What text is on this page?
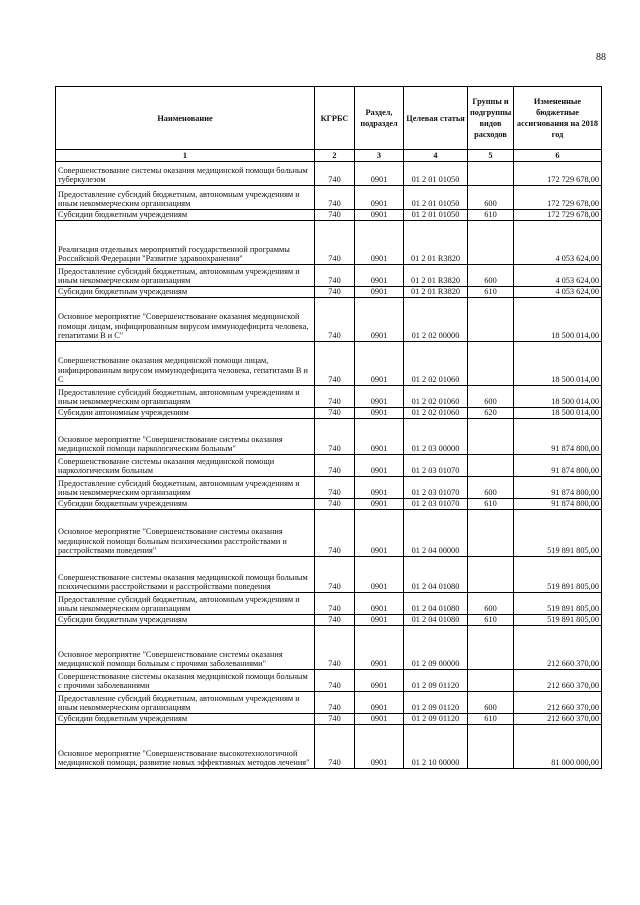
88
Наименование	КГРБС	Раздел, подраздел	Целевая статья	Группы и подгруппы видов расходов	Измененные бюджетные ассигнования на 2018 год
1	2	3	4	5	6
Совершенствование системы оказания медицинской помощи больным туберкулезом	740	0901	01 2 01 01050		172 729 678,00
Предоставление субсидий бюджетным, автономным учреждениям и иным некоммерческим организациям	740	0901	01 2 01 01050	600	172 729 678,00
Субсидии бюджетным учреждениям	740	0901	01 2 01 01050	610	172 729 678,00
Реализация отдельных мероприятий государственной программы Российской Федерации "Развитие здравоохранения"	740	0901	01 2 01 R3820		4 053 624,00
Предоставление субсидий бюджетным, автономным учреждениям и иным некоммерческим организациям	740	0901	01 2 01 R3820	600	4 053 624,00
Субсидии бюджетным учреждениям	740	0901	01 2 01 R3820	610	4 053 624,00
Основное мероприятие "Совершенствование оказания медицинской помощи лицам, инфицированным вирусом иммунодефицита человека, гепатитами В и С"	740	0901	01 2 02 00000		18 500 014,00
Совершенствование оказания медицинской помощи лицам, инфицированным вирусом иммунодефицита человека, гепатитами В и С	740	0901	01 2 02 01060		18 500 014,00
Предоставление субсидий бюджетным, автономным учреждениям и иным некоммерческим организациям	740	0901	01 2 02 01060	600	18 500 014,00
Субсидии автономным учреждениям	740	0901	01 2 02 01060	620	18 500 014,00
Основное мероприятие "Совершенствование системы оказания медицинской помощи наркологическим больным"	740	0901	01 2 03 00000		91 874 800,00
Совершенствование системы оказания медицинской помощи наркологическим больным	740	0901	01 2 03 01070		91 874 800,00
Предоставление субсидий бюджетным, автономным учреждениям и иным некоммерческим организациям	740	0901	01 2 03 01070	600	91 874 800,00
Субсидии бюджетным учреждениям	740	0901	01 2 03 01070	610	91 874 800,00
Основное мероприятие "Совершенствование системы оказания медицинской помощи больным психическими расстройствами и расстройствами поведения"	740	0901	01 2 04 00000		519 891 805,00
Совершенствование системы оказания медицинской помощи больным психическими расстройствами и расстройствами поведения	740	0901	01 2 04 01080		519 891 805,00
Предоставление субсидий бюджетным, автономным учреждениям и иным некоммерческим организациям	740	0901	01 2 04 01080	600	519 891 805,00
Субсидии бюджетным учреждениям	740	0901	01 2 04 01080	610	519 891 805,00
Основное мероприятие "Совершенствование системы оказания медицинской помощи больным с прочими заболеваниями"	740	0901	01 2 09 00000		212 660 370,00
Совершенствование системы оказания медицинской помощи больным с прочими заболеваниями	740	0901	01 2 09 01120		212 660 370,00
Предоставление субсидий бюджетным, автономным учреждениям и иным некоммерческим организациям	740	0901	01 2 09 01120	600	212 660 370,00
Субсидии бюджетным учреждениям	740	0901	01 2 09 01120	610	212 660 370,00
Основное мероприятие "Совершенствование высокотехнологичной медицинской помощи, развитие новых эффективных методов лечения"	740	0901	01 2 10 00000		81 000 000,00
